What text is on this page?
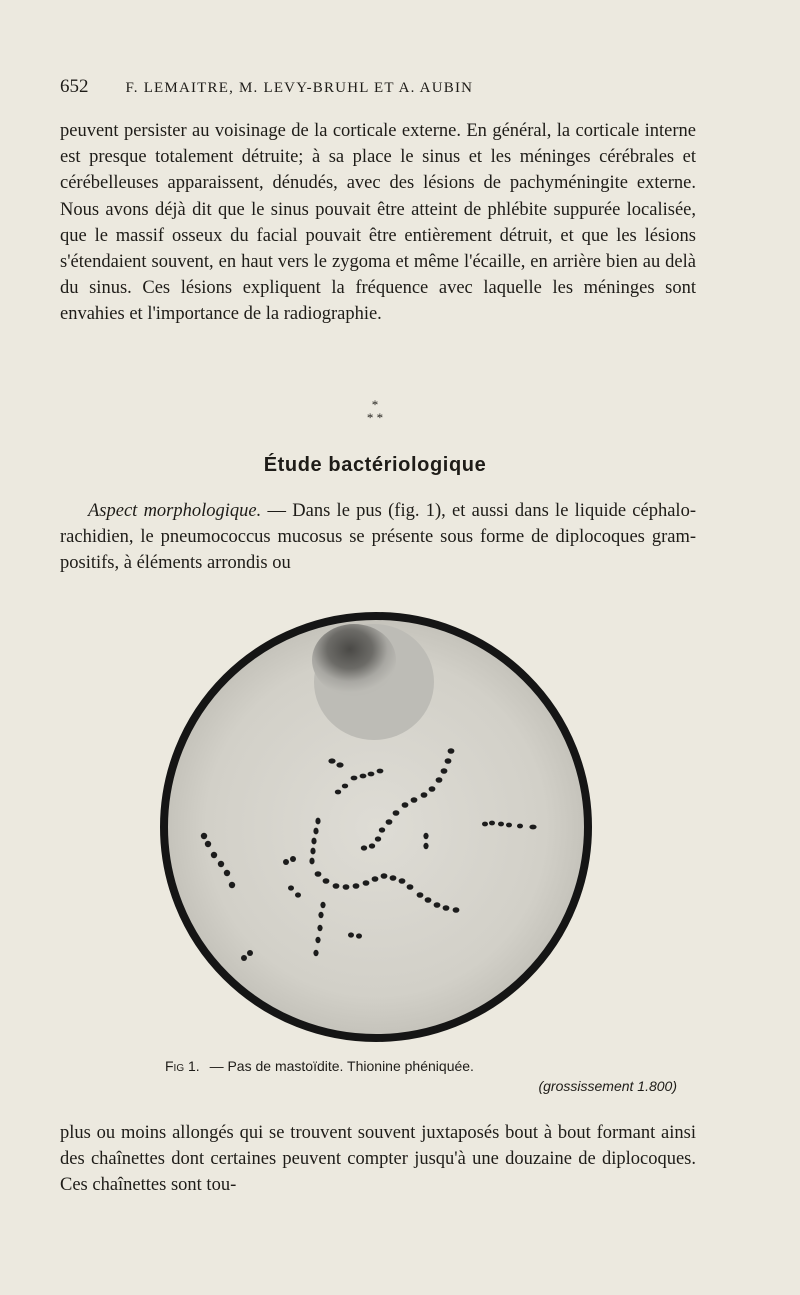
652 F. LEMAITRE, M. LEVY-BRUHL ET A. AUBIN

peuvent persister au voisinage de la corticale externe. En général, la corticale interne est presque totalement détruite; à sa place le sinus et les méninges cérébrales et cérébelleuses apparaissent, dénudés, avec des lésions de pachyméningite externe. Nous avons déjà dit que le sinus pouvait être atteint de phlébite suppurée localisée, que le massif osseux du facial pouvait être entièrement détruit, et que les lésions s'étendaient souvent, en haut vers le zygoma et même l'écaille, en arrière bien au delà du sinus. Ces lésions expliquent la fréquence avec laquelle les méninges sont envahies et l'importance de la radiographie.

*
* *
Étude bactériologique

Aspect morphologique. — Dans le pus (fig. 1), et aussi dans le liquide céphalo-rachidien, le pneumococcus mucosus se présente sous forme de diplocoques gram-positifs, à éléments arrondis ou

Fig 1. — Pas de mastoïdite. Thionine phéniquée.
(grossissement 1.800)

plus ou moins allongés qui se trouvent souvent juxtaposés bout à bout formant ainsi des chaînettes dont certaines peuvent compter jusqu'à une douzaine de diplocoques. Ces chaînettes sont tou-
